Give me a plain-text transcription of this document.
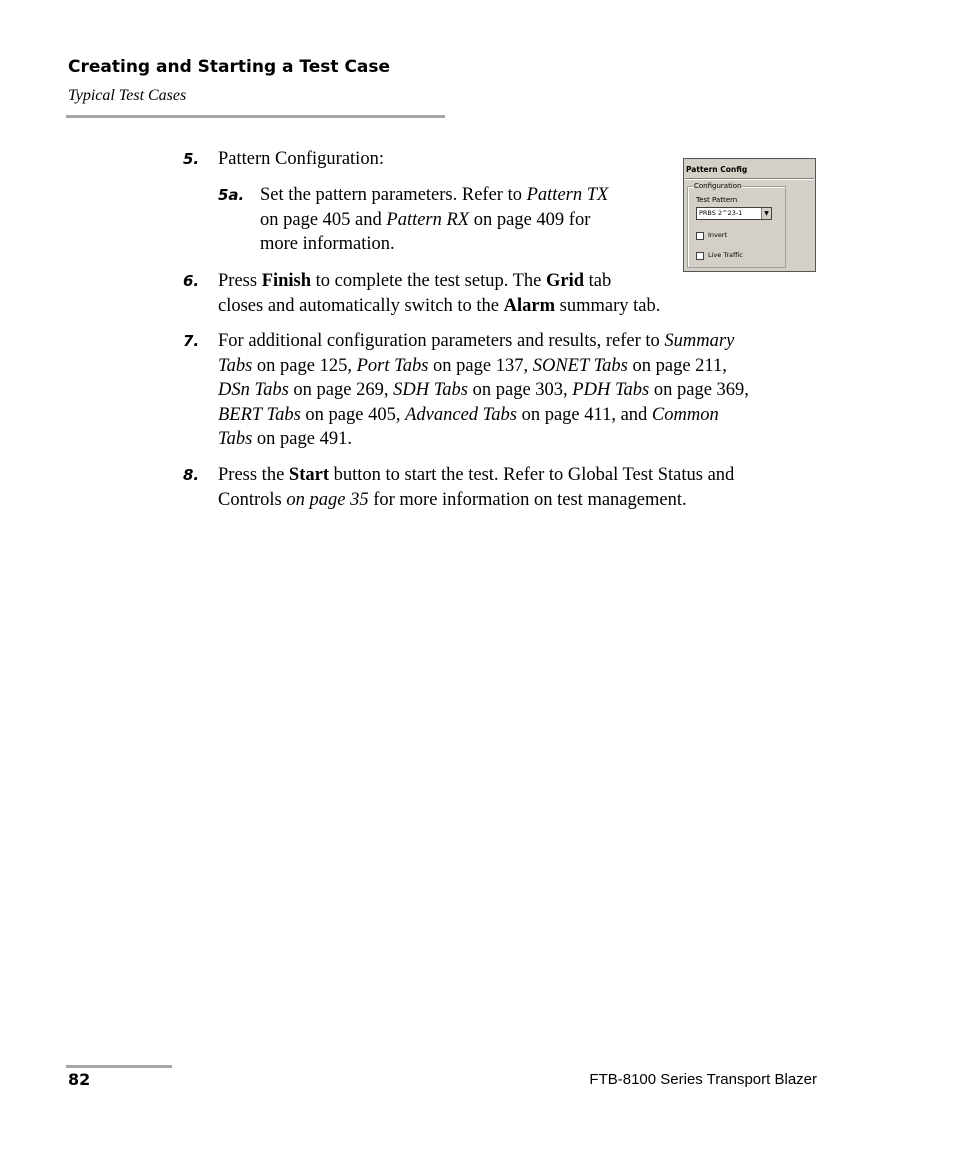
Creating and Starting a Test Case
Typical Test Cases
5. Pattern Configuration:
5a. Set the pattern parameters. Refer to Pattern TX
on page 405 and Pattern RX on page 409 for
more information.
Pattern Config
Configuration
Test Pattern
PRBS 2^23-1	▼
Invert
Live Traffic
6. Press Finish to complete the test setup. The Grid tab
closes and automatically switch to the Alarm summary tab.
7. For additional configuration parameters and results, refer to Summary
Tabs on page 125, Port Tabs on page 137, SONET Tabs on page 211,
DSn Tabs on page 269, SDH Tabs on page 303, PDH Tabs on page 369,
BERT Tabs on page 405, Advanced Tabs on page 411, and Common
Tabs on page 491.
8. Press the Start button to start the test. Refer to Global Test Status and
Controls on page 35 for more information on test management.
82	FTB-8100 Series Transport Blazer
